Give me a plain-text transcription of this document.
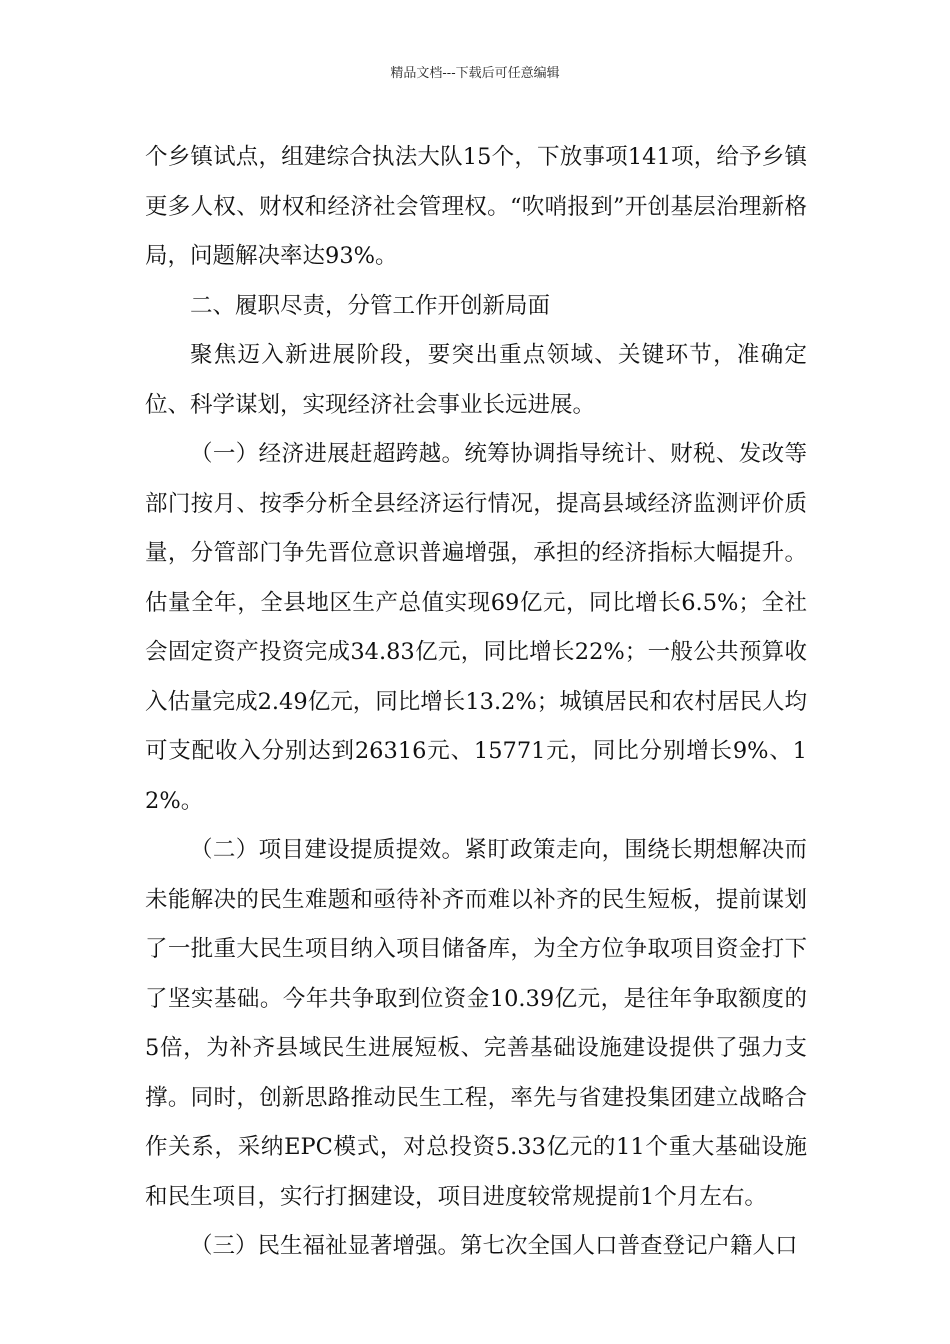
精品文档---下载后可任意编辑

个乡镇试点，组建综合执法大队15个，下放事项141项，给予乡镇更多人权、财权和经济社会管理权。“吹哨报到”开创基层治理新格局，问题解决率达93%。

二、履职尽责，分管工作开创新局面

聚焦迈入新进展阶段，要突出重点领域、关键环节，准确定位、科学谋划，实现经济社会事业长远进展。

（一）经济进展赶超跨越。统筹协调指导统计、财税、发改等部门按月、按季分析全县经济运行情况，提高县域经济监测评价质量，分管部门争先晋位意识普遍增强，承担的经济指标大幅提升。估量全年，全县地区生产总值实现69亿元，同比增长6.5%；全社会固定资产投资完成34.83亿元，同比增长22%；一般公共预算收入估量完成2.49亿元，同比增长13.2%；城镇居民和农村居民人均可支配收入分别达到26316元、15771元，同比分别增长9%、12%。

（二）项目建设提质提效。紧盯政策走向，围绕长期想解决而未能解决的民生难题和亟待补齐而难以补齐的民生短板，提前谋划了一批重大民生项目纳入项目储备库，为全方位争取项目资金打下了坚实基础。今年共争取到位资金10.39亿元，是往年争取额度的5倍，为补齐县域民生进展短板、完善基础设施建设提供了强力支撑。同时，创新思路推动民生工程，率先与省建投集团建立战略合作关系，采纳EPC模式，对总投资5.33亿元的11个重大基础设施和民生项目，实行打捆建设，项目进度较常规提前1个月左右。

（三）民生福祉显著增强。第七次全国人口普查登记户籍人口
